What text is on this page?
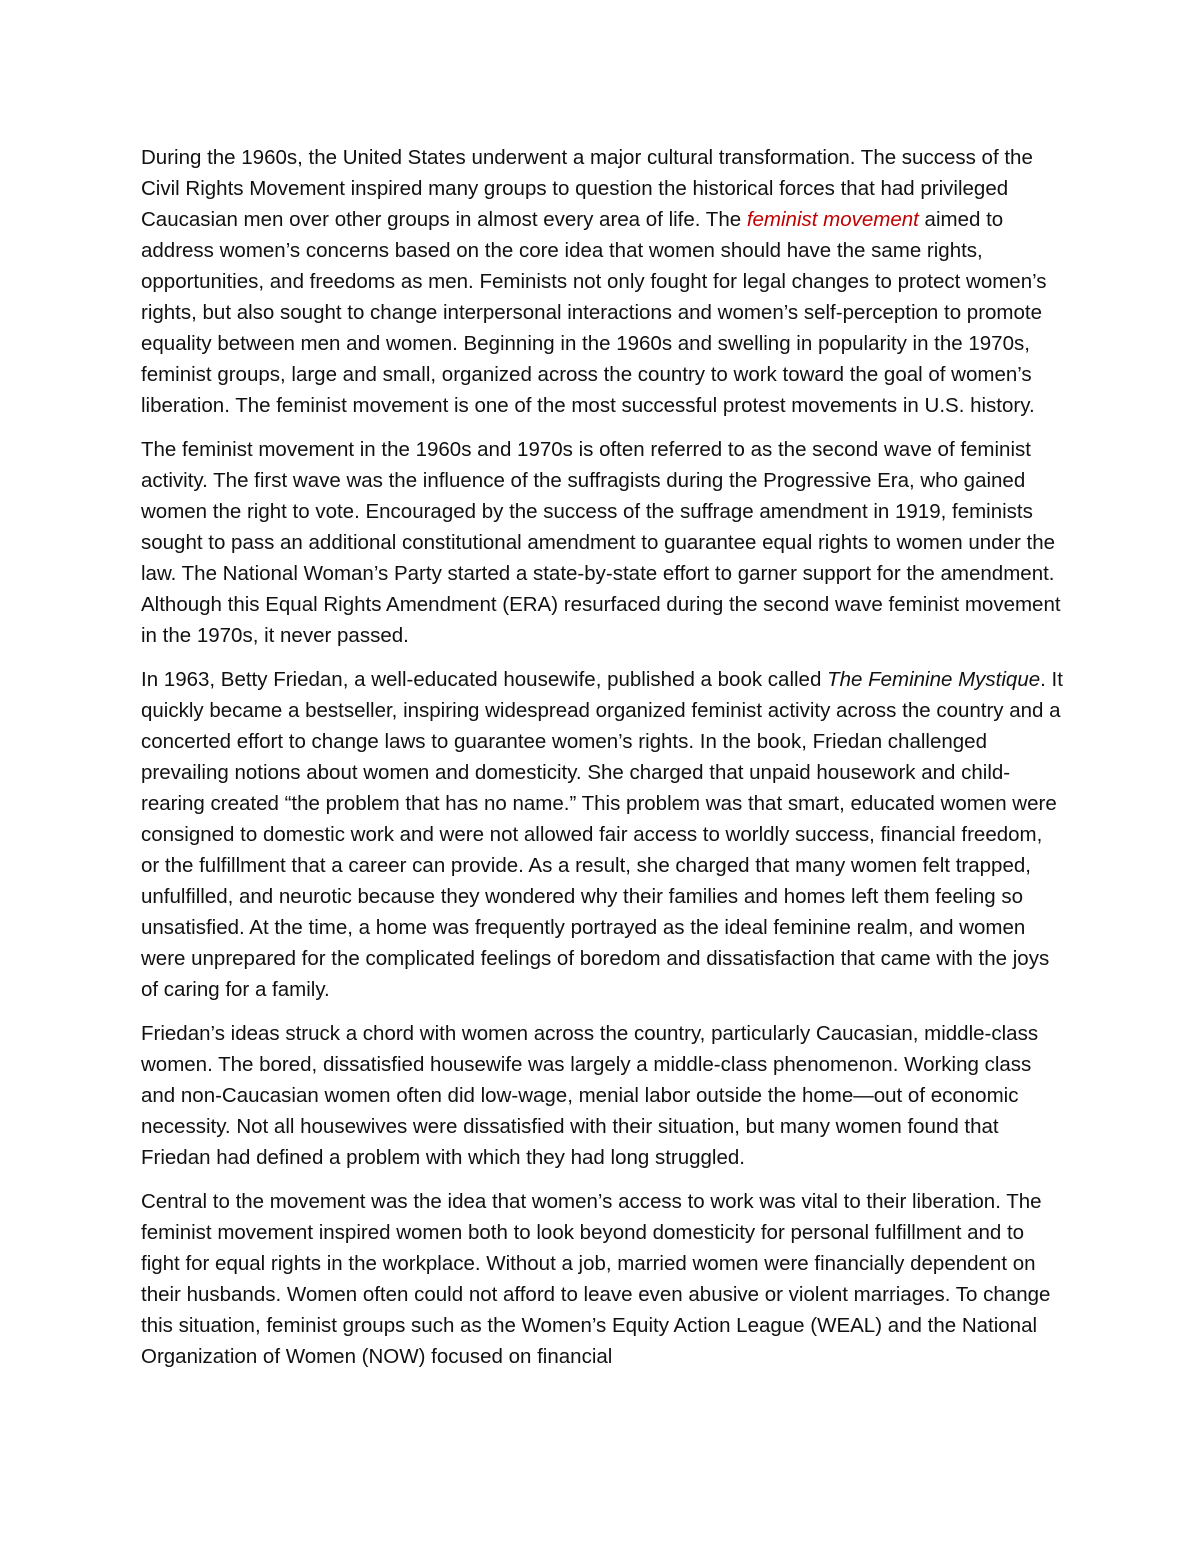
During the 1960s, the United States underwent a major cultural transformation. The success of the Civil Rights Movement inspired many groups to question the historical forces that had privileged Caucasian men over other groups in almost every area of life. The feminist movement aimed to address women’s concerns based on the core idea that women should have the same rights, opportunities, and freedoms as men. Feminists not only fought for legal changes to protect women’s rights, but also sought to change interpersonal interactions and women’s self-perception to promote equality between men and women. Beginning in the 1960s and swelling in popularity in the 1970s, feminist groups, large and small, organized across the country to work toward the goal of women’s liberation. The feminist movement is one of the most successful protest movements in U.S. history.

The feminist movement in the 1960s and 1970s is often referred to as the second wave of feminist activity. The first wave was the influence of the suffragists during the Progressive Era, who gained women the right to vote. Encouraged by the success of the suffrage amendment in 1919, feminists sought to pass an additional constitutional amendment to guarantee equal rights to women under the law. The National Woman’s Party started a state-by-state effort to garner support for the amendment. Although this Equal Rights Amendment (ERA) resurfaced during the second wave feminist movement in the 1970s, it never passed.

In 1963, Betty Friedan, a well-educated housewife, published a book called The Feminine Mystique. It quickly became a bestseller, inspiring widespread organized feminist activity across the country and a concerted effort to change laws to guarantee women’s rights. In the book, Friedan challenged prevailing notions about women and domesticity. She charged that unpaid housework and child-rearing created “the problem that has no name.” This problem was that smart, educated women were consigned to domestic work and were not allowed fair access to worldly success, financial freedom, or the fulfillment that a career can provide. As a result, she charged that many women felt trapped, unfulfilled, and neurotic because they wondered why their families and homes left them feeling so unsatisfied. At the time, a home was frequently portrayed as the ideal feminine realm, and women were unprepared for the complicated feelings of boredom and dissatisfaction that came with the joys of caring for a family.

Friedan’s ideas struck a chord with women across the country, particularly Caucasian, middle-class women. The bored, dissatisfied housewife was largely a middle-class phenomenon. Working class and non-Caucasian women often did low-wage, menial labor outside the home—out of economic necessity. Not all housewives were dissatisfied with their situation, but many women found that Friedan had defined a problem with which they had long struggled.

Central to the movement was the idea that women’s access to work was vital to their liberation. The feminist movement inspired women both to look beyond domesticity for personal fulfillment and to fight for equal rights in the workplace. Without a job, married women were financially dependent on their husbands. Women often could not afford to leave even abusive or violent marriages. To change this situation, feminist groups such as the Women’s Equity Action League (WEAL) and the National Organization of Women (NOW) focused on financial
